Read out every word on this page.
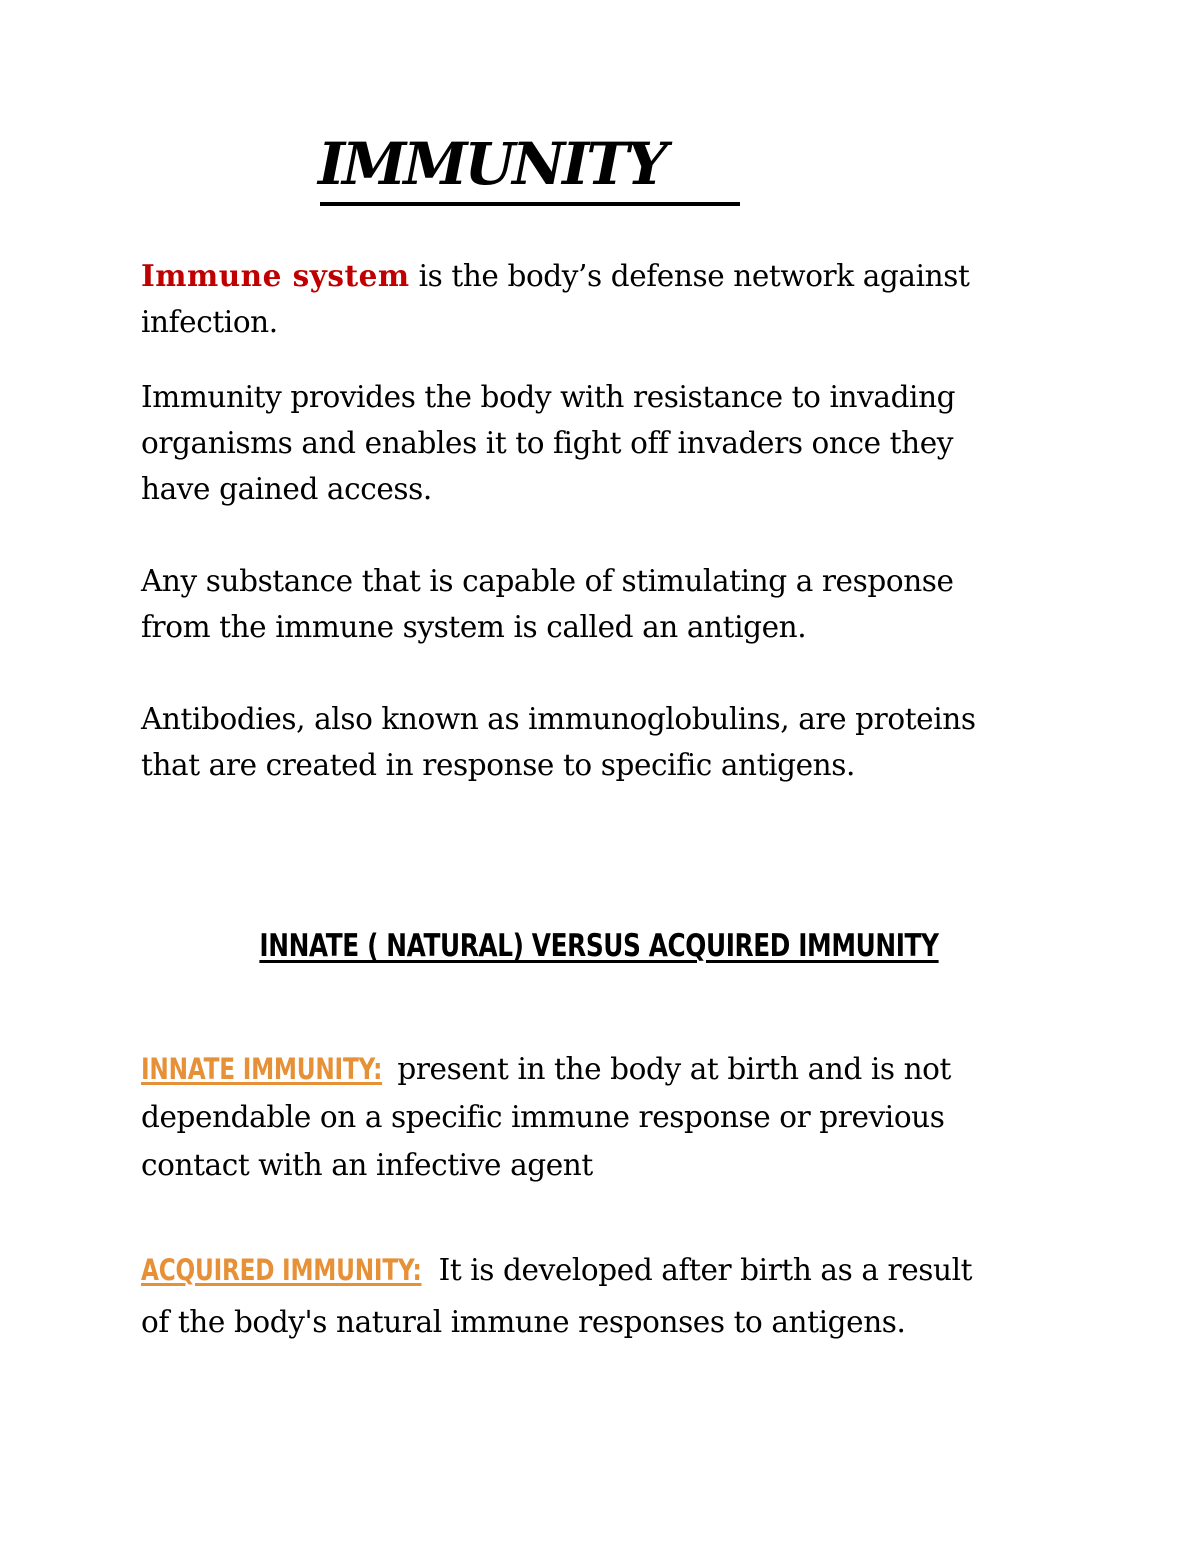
IMMUNITY

Immune system is the body’s defense network against
infection.

Immunity provides the body with resistance to invading
organisms and enables it to fight off invaders once they
have gained access.

Any substance that is capable of stimulating a response
from the immune system is called an antigen.

Antibodies, also known as immunoglobulins, are proteins
that are created in response to specific antigens.

INNATE ( NATURAL) VERSUS ACQUIRED IMMUNITY

INNATE IMMUNITY: present in the body at birth and is not
dependable on a specific immune response or previous
contact with an infective agent

ACQUIRED IMMUNITY: It is developed after birth as a result
of the body's natural immune responses to antigens.
